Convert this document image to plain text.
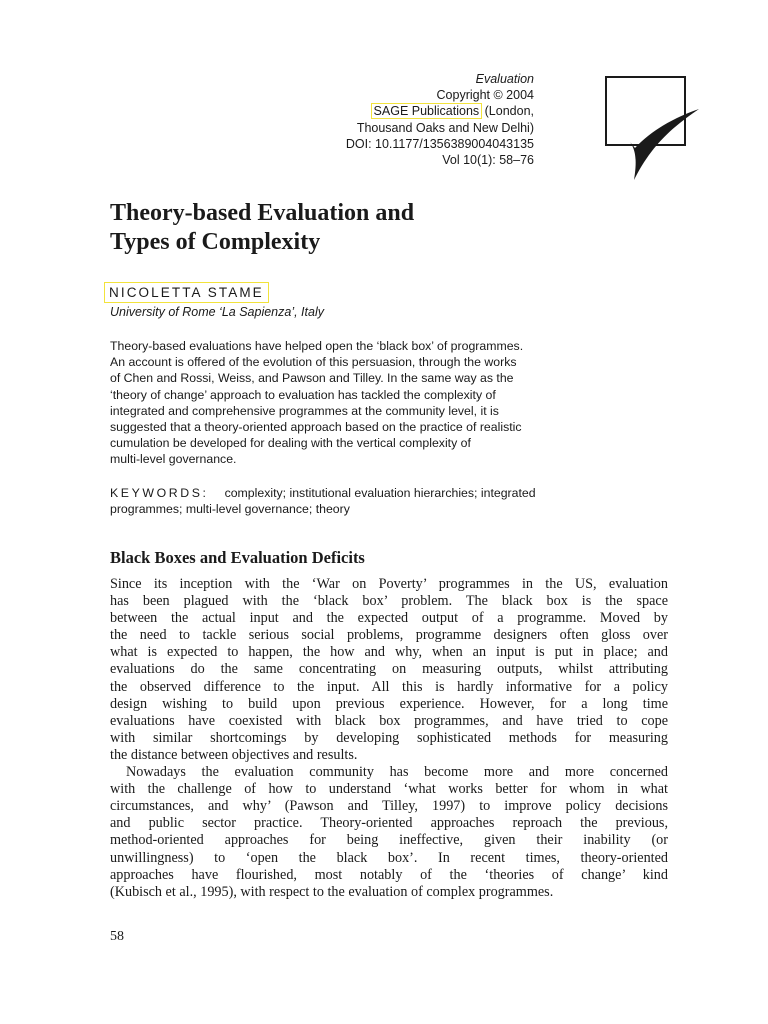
Evaluation
Copyright © 2004
SAGE Publications (London,
Thousand Oaks and New Delhi)
DOI: 10.1177/1356389004043135
Vol 10(1): 58–76
Theory-based Evaluation and
Types of Complexity
NICOLETTA STAME
University of Rome ‘La Sapienza’, Italy
Theory-based evaluations have helped open the ‘black box’ of programmes.
An account is offered of the evolution of this persuasion, through the works
of Chen and Rossi, Weiss, and Pawson and Tilley. In the same way as the
‘theory of change’ approach to evaluation has tackled the complexity of
integrated and comprehensive programmes at the community level, it is
suggested that a theory-oriented approach based on the practice of realistic
cumulation be developed for dealing with the vertical complexity of
multi-level governance.
KEYWORDS: complexity; institutional evaluation hierarchies; integrated
programmes; multi-level governance; theory
Black Boxes and Evaluation Deficits
Since its inception with the ‘War on Poverty’ programmes in the US, evaluation
has been plagued with the ‘black box’ problem. The black box is the space
between the actual input and the expected output of a programme. Moved by
the need to tackle serious social problems, programme designers often gloss over
what is expected to happen, the how and why, when an input is put in place; and
evaluations do the same concentrating on measuring outputs, whilst attributing
the observed difference to the input. All this is hardly informative for a policy
design wishing to build upon previous experience. However, for a long time
evaluations have coexisted with black box programmes, and have tried to cope
with similar shortcomings by developing sophisticated methods for measuring
the distance between objectives and results.
Nowadays the evaluation community has become more and more concerned
with the challenge of how to understand ‘what works better for whom in what
circumstances, and why’ (Pawson and Tilley, 1997) to improve policy decisions
and public sector practice. Theory-oriented approaches reproach the previous,
method-oriented approaches for being ineffective, given their inability (or
unwillingness) to ‘open the black box’. In recent times, theory-oriented
approaches have flourished, most notably of the ‘theories of change’ kind
(Kubisch et al., 1995), with respect to the evaluation of complex programmes.
58
